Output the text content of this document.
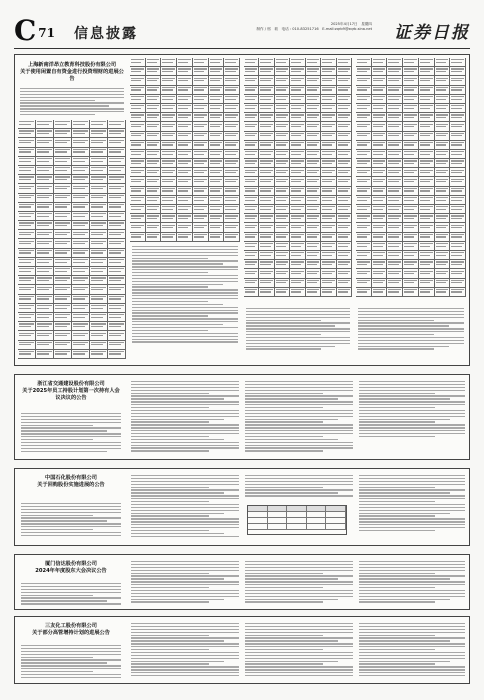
C 71 信息披露
2025年4月17日　星期四
制作 / 邢　莉　电话 : 010-83251716　E-mail:zqrb9@zqrb.sina.net 证券日报
上海新南洋昂立教育科技股份有限公司
关于使用闲置自有资金进行投资理财的进展公告
浙江省交通建设股份有限公司
关于2025年员工持股计划第一次持有人会议决议的公告
中国石化股份有限公司
关于回购股份实施进展的公告
厦门信达股份有限公司
2024年年度股东大会决议公告
三友化工股份有限公司
关于部分高管增持计划的进展公告
